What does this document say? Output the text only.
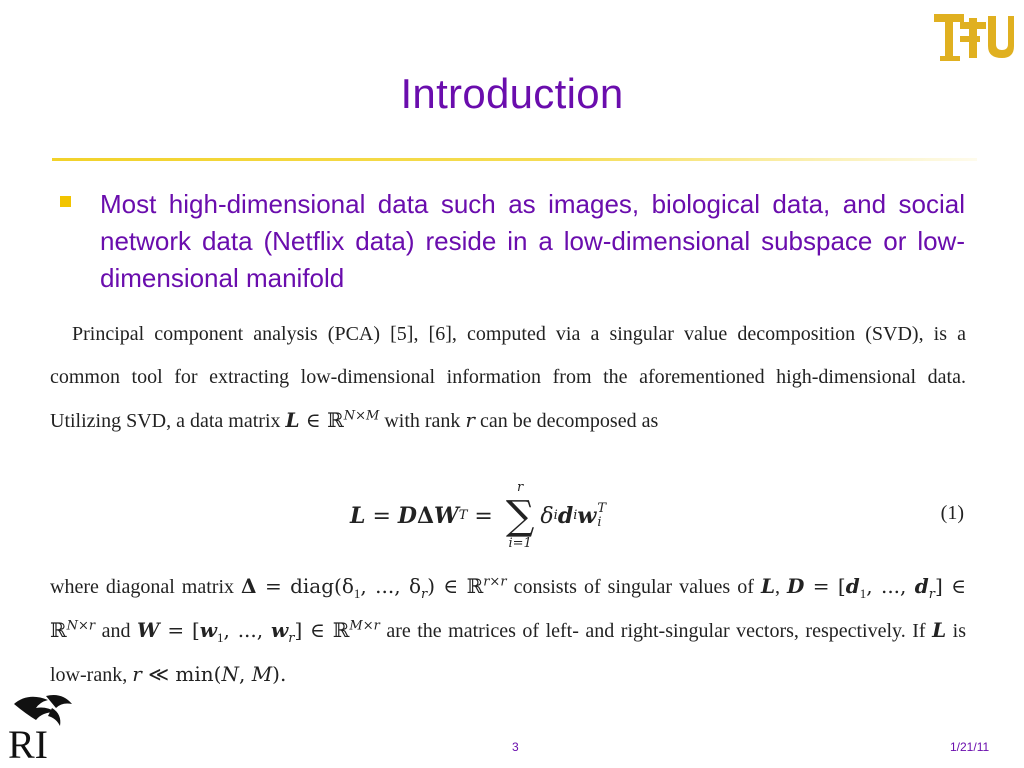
Introduction
Most high-dimensional data such as images, biological data, and social network data (Netflix data) reside in a low-dimensional subspace or low-dimensional manifold
Principal component analysis (PCA) [5], [6], computed via a singular value decomposition (SVD), is a common tool for extracting low-dimensional information from the aforementioned high-dimensional data. Utilizing SVD, a data matrix L ∈ ℝ$^{N\times M}$ with rank r can be decomposed as
L = D Δ W T =
r
∑
i=1
δ i d i w T
i	(1)
where diagonal matrix $\Delta = diag(\delta_1$, ..., $\delta_r$) ∈ ℝ$^{r\times r}$ consists of singular values of L, $D = [d_1$, ..., $d_r$] ∈ ℝ$^{N\times r}$ and $W = [w_1$, ..., $w_r$] ∈ ℝ$^{M\times r}$ are the matrices of left- and right-singular vectors, respectively. If L is low-rank, r ≪ min(N, M).
RI	3	1/21/11
